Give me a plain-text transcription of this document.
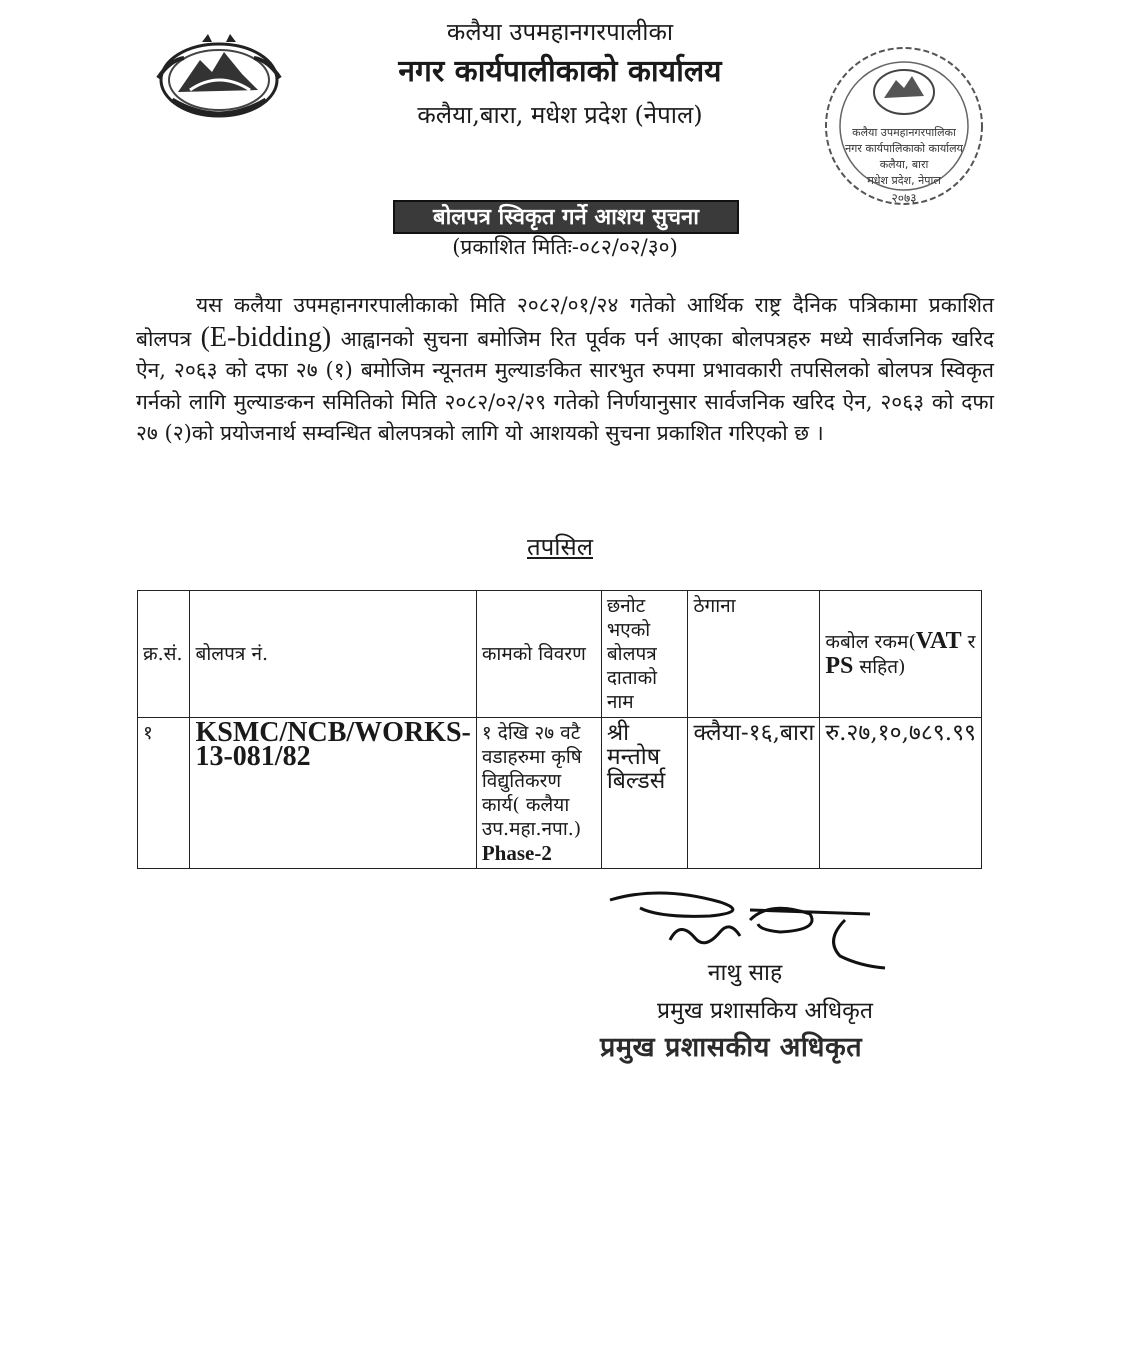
कलैया उपमहानगरपालीका
नगर कार्यपालीकाको कार्यालय
कलैया,बारा, मधेश प्रदेश (नेपाल)
कलैया उपमहानगरपालिका
नगर कार्यपालिकाको कार्यालय
कलैया, बारा
मधेश प्रदेश, नेपाल
२०७३
बोलपत्र स्विकृत गर्ने आशय सुचना
(प्रकाशित मितिः-०८२/०२/३०)
यस कलैया उपमहानगरपालीकाको मिति २०८२/०१/२४ गतेको आर्थिक राष्ट्र दैनिक पत्रिकामा प्रकाशित बोलपत्र (E-bidding) आह्वानको सुचना बमोजिम रित पूर्वक पर्न आएका बोलपत्रहरु मध्ये सार्वजनिक खरिद ऐन, २०६३ को दफा २७ (१) बमोजिम न्यूनतम मुल्याङकित सारभुत रुपमा प्रभावकारी तपसिलको बोलपत्र स्विकृत गर्नको लागि मुल्याङकन समितिको मिति २०८२/०२/२९ गतेको निर्णयानुसार सार्वजनिक खरिद ऐन, २०६३ को दफा २७ (२)को प्रयोजनार्थ सम्वन्धित बोलपत्रको लागि यो आशयको सुचना प्रकाशित गरिएको छ ।
तपसिल
क्र.सं.	बोलपत्र नं.	कामको विवरण	छनोट भएको बोलपत्र दाताको नाम	ठेगाना	कबोल रकम(VAT र PS सहित)
१	KSMC/NCB/WORKS-13-081/82	१ देखि २७ वटै वडाहरुमा कृषि विद्युतिकरण कार्य( कलैया उप.महा.नपा.)
Phase-2	श्री मन्तोष बिल्डर्स	क्लैया-१६,बारा	रु.२७,१०,७८९.९९
नाथु साह
प्रमुख प्रशासकिय अधिकृत
प्रमुख प्रशासकीय अधिकृत
